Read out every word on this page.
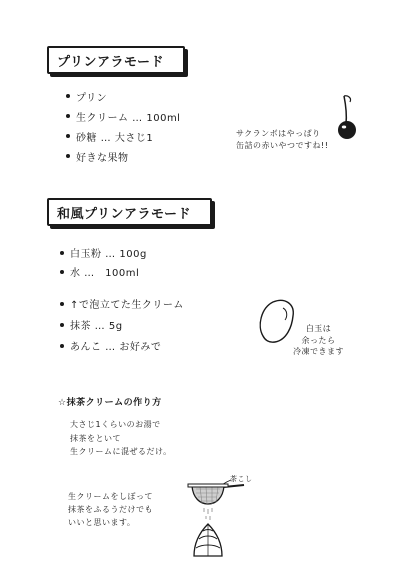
プリンアラモード
プリン
生クリーム … 100ml
砂糖 … 大さじ1
好きな果物
サクランボはやっぱり
缶詰の赤いやつですね!!
和風プリンアラモード
白玉粉 … 100g
水 …　100ml
↑で泡立てた生クリーム
抹茶 … 5g
あんこ … お好みで
白玉は
余ったら
冷凍できます
☆抹茶クリームの作り方
大さじ1くらいのお湯で
抹茶をといて
生クリームに混ぜるだけ。
生クリームをしぼって
抹茶をふるうだけでも
いいと思います。
茶こし
